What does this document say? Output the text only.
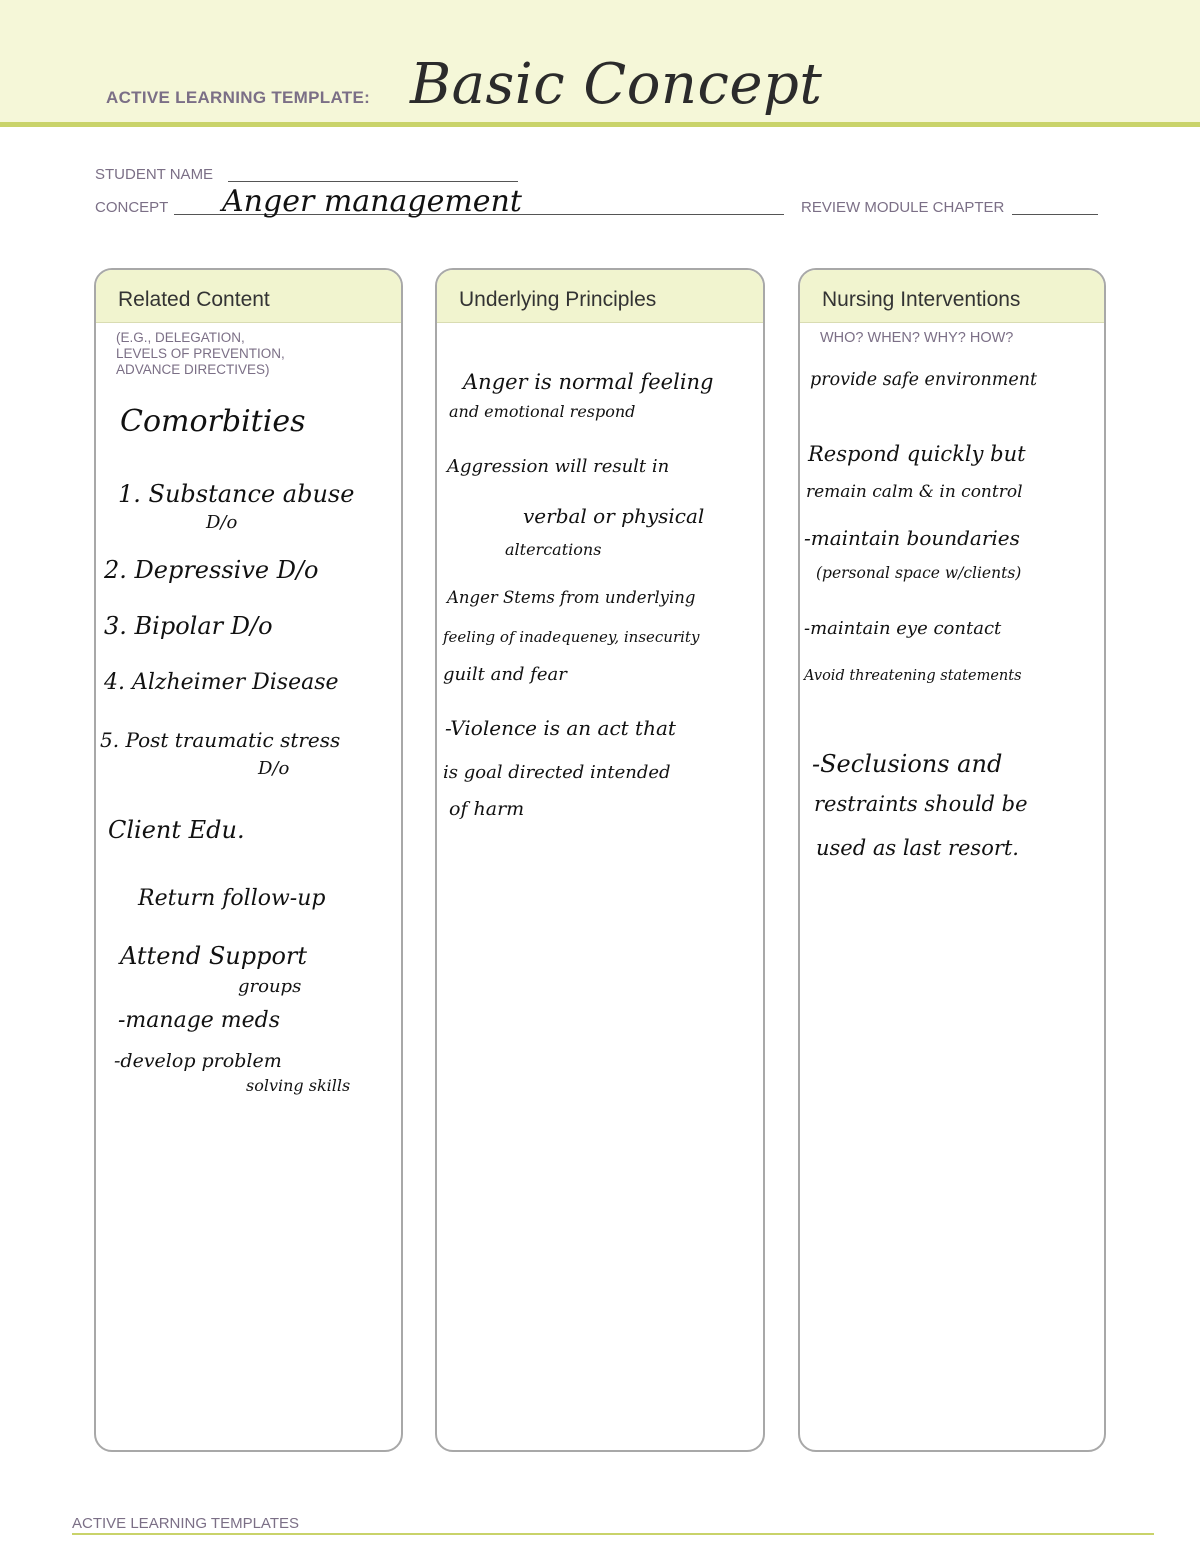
ACTIVE LEARNING TEMPLATE: Basic Concept
STUDENT NAME
CONCEPT Anger management	REVIEW MODULE CHAPTER
Related Content
(E.G., DELEGATION,
LEVELS OF PREVENTION,
ADVANCE DIRECTIVES)
Comorbities
1. Substance abuse
D/o
2. Depressive D/o
3. Bipolar D/o
4. Alzheimer Disease
5. Post traumatic stress
D/o
Client Edu.
Return follow-up
Attend Support
groups
-manage meds
-develop problem
solving skills
Underlying Principles
Anger is normal feeling
and emotional respond
Aggression will result in
verbal or physical
altercations
Anger Stems from underlying
feeling of inadequeney, insecurity
guilt and fear
-Violence is an act that
is goal directed intended
of harm
Nursing Interventions
WHO? WHEN? WHY? HOW?
provide safe environment
Respond quickly but
remain calm & in control
-maintain boundaries
(personal space w/clients)
-maintain eye contact
Avoid threatening statements
-Seclusions and
restraints should be
used as last resort.
ACTIVE LEARNING TEMPLATES
